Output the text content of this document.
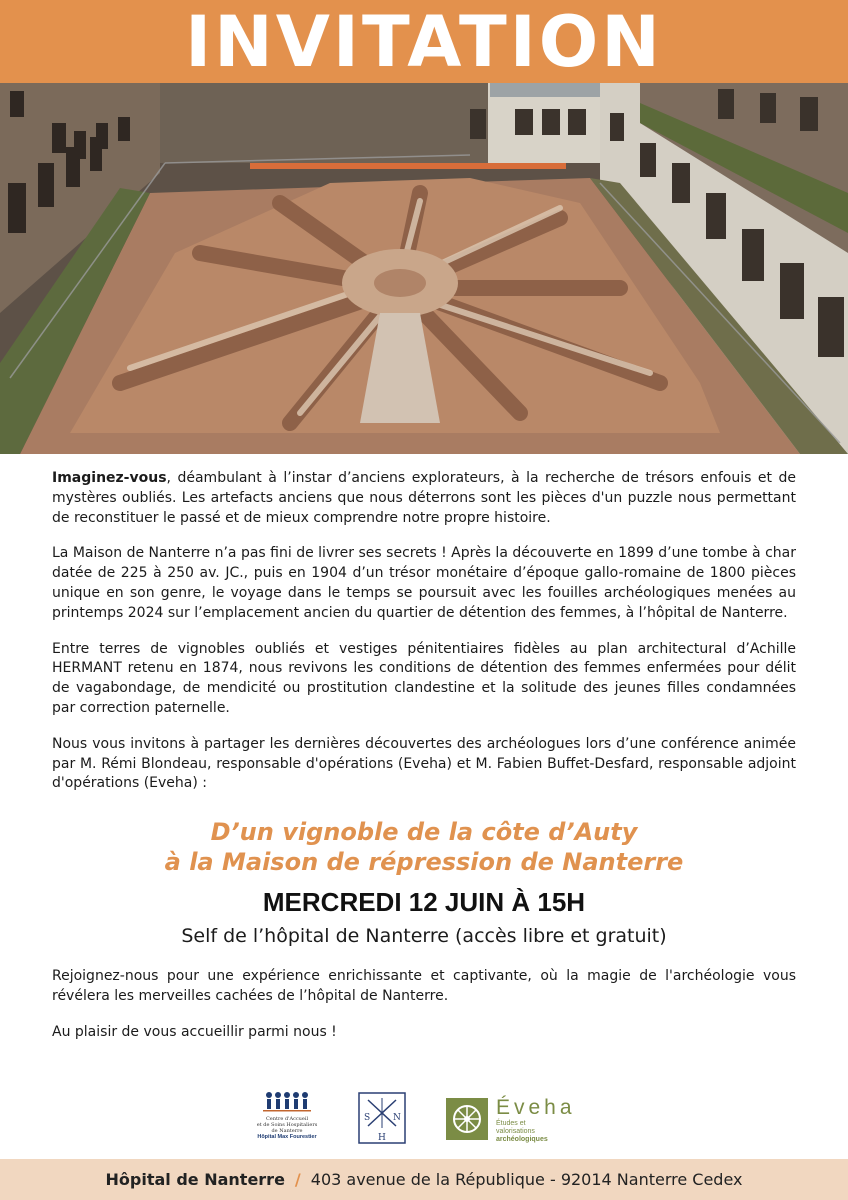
INVITATION

Imaginez-vous, déambulant à l’instar d’anciens explorateurs, à la recherche de trésors enfouis et de mystères oubliés. Les artefacts anciens que nous déterrons sont les pièces d'un puzzle nous permettant de reconstituer le passé et de mieux comprendre notre propre histoire.

La Maison de Nanterre n’a pas fini de livrer ses secrets ! Après la découverte en 1899 d’une tombe à char datée de 225 à 250 av. JC., puis en 1904 d’un trésor monétaire d’époque gallo-romaine de 1800 pièces unique en son genre, le voyage dans le temps se poursuit avec les fouilles archéologiques menées au printemps 2024 sur l’emplacement ancien du quartier de détention des femmes, à l’hôpital de Nanterre.

Entre terres de vignobles oubliés et vestiges pénitentiaires fidèles au plan architectural d’Achille HERMANT retenu en 1874, nous revivons les conditions de détention des femmes enfermées pour délit de vagabondage, de mendicité ou prostitution clandestine et la solitude des jeunes filles condamnées par correction paternelle.

Nous vous invitons à partager les dernières découvertes des archéologues lors d’une conférence animée par M. Rémi Blondeau, responsable d'opérations (Eveha) et M. Fabien Buffet-Desfard, responsable adjoint d'opérations (Eveha) :

D’un vignoble de la côte d’Auty
à la Maison de répression de Nanterre
MERCREDI 12 JUIN À 15H
Self de l’hôpital de Nanterre (accès libre et gratuit)

Rejoignez-nous pour une expérience enrichissante et captivante, où la magie de l'archéologie vous révélera les merveilles cachées de l’hôpital de Nanterre.

Au plaisir de vous accueillir parmi nous !

Centre d'Accueil
et de Soins Hospitaliers
de Nanterre
Hôpital Max Fourestier
S	N
H
Éveha
Études et
valorisations
archéologiques
Hôpital de Nanterre / 403 avenue de la République - 92014 Nanterre Cedex
